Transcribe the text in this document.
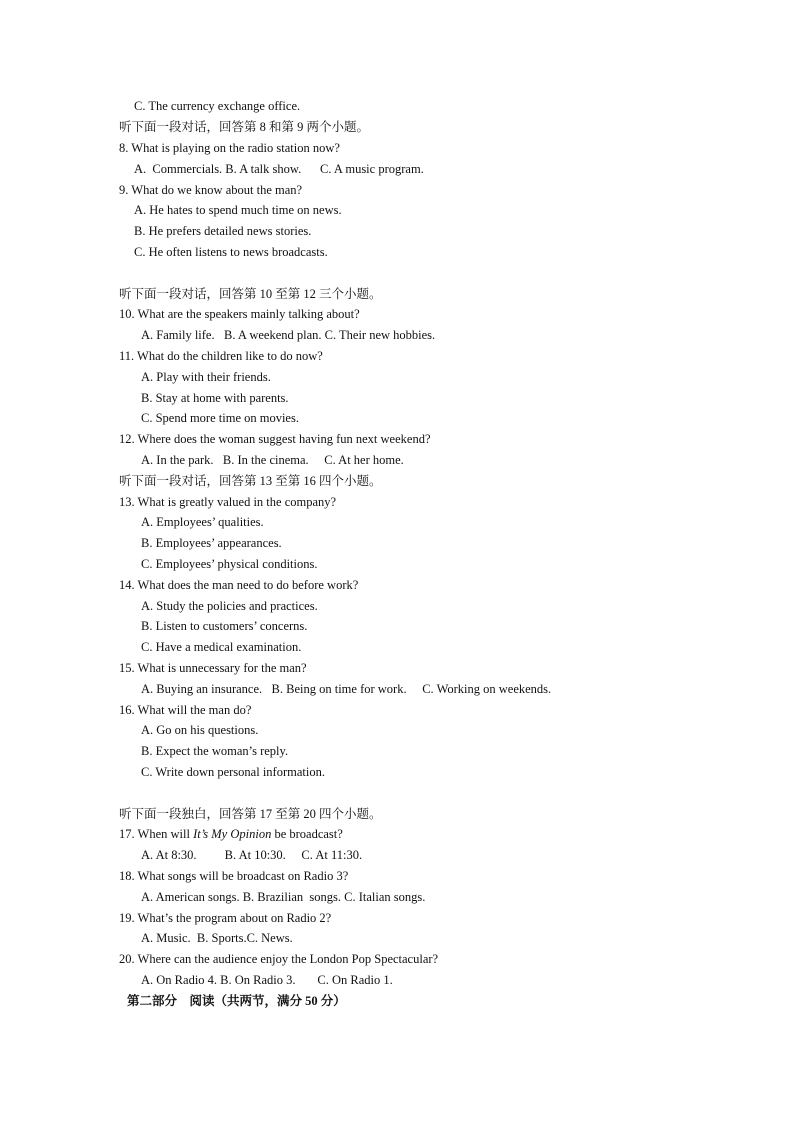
C. The currency exchange office.
听下面一段对话，回答第 8 和第 9 两个小题。
8. What is playing on the radio station now?
A.  Commercials. B. A talk show.      C. A music program.
9. What do we know about the man?
A. He hates to spend much time on news.
B. He prefers detailed news stories.
C. He often listens to news broadcasts.
听下面一段对话，回答第 10 至第 12 三个小题。
10. What are the speakers mainly talking about?
A. Family life.   B. A weekend plan. C. Their new hobbies.
11. What do the children like to do now?
A. Play with their friends.
B. Stay at home with parents.
C. Spend more time on movies.
12. Where does the woman suggest having fun next weekend?
A. In the park.   B. In the cinema.     C. At her home.
听下面一段对话，回答第 13 至第 16 四个小题。
13. What is greatly valued in the company?
A. Employees’ qualities.
B. Employees’ appearances.
C. Employees’ physical conditions.
14. What does the man need to do before work?
A. Study the policies and practices.
B. Listen to customers’ concerns.
C. Have a medical examination.
15. What is unnecessary for the man?
A. Buying an insurance.   B. Being on time for work.     C. Working on weekends.
16. What will the man do?
A. Go on his questions.
B. Expect the woman’s reply.
C. Write down personal information.
听下面一段独白，回答第 17 至第 20 四个小题。
17. When will It’s My Opinion be broadcast?
A. At 8:30.         B. At 10:30.     C. At 11:30.
18. What songs will be broadcast on Radio 3?
A. American songs. B. Brazilian  songs. C. Italian songs.
19. What’s the program about on Radio 2?
A. Music.  B. Sports.C. News.
20. Where can the audience enjoy the London Pop Spectacular?
A. On Radio 4. B. On Radio 3.       C. On Radio 1.
第二部分    阅读（共两节，满分 50 分）
